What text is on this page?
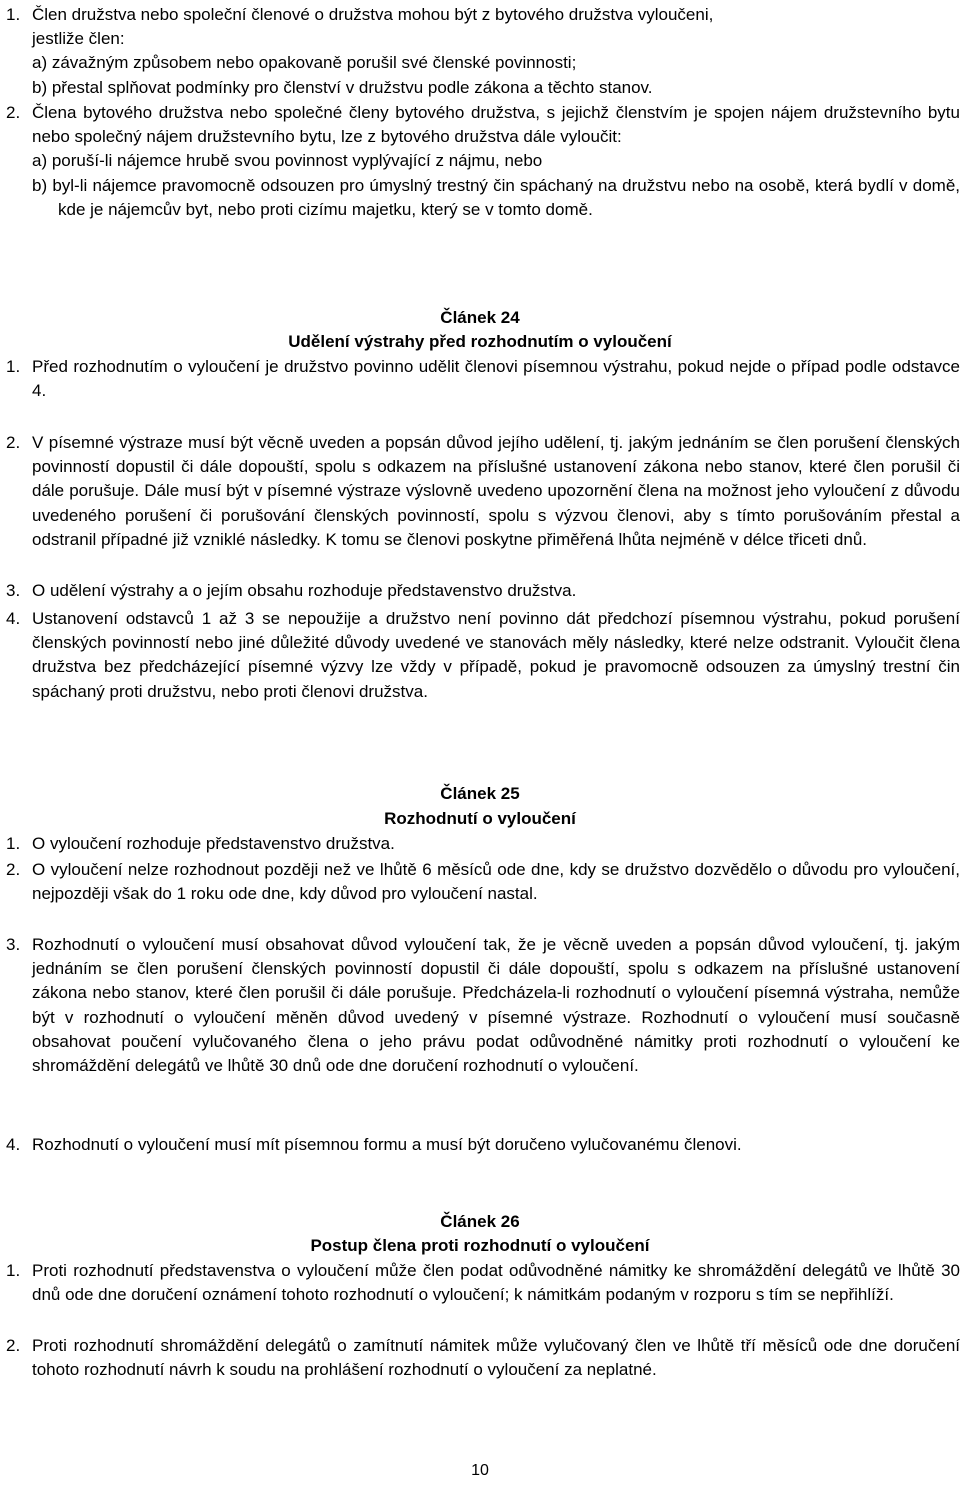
1. Člen družstva nebo společní členové o družstva mohou být z bytového družstva vyloučeni,
jestliže člen:
a) závažným způsobem nebo opakovaně porušil své členské povinnosti;
b) přestal splňovat podmínky pro členství v družstvu podle zákona a těchto stanov.
2. Člena bytového družstva nebo společné členy bytového družstva, s jejichž členstvím je spojen nájem družstevního bytu nebo společný nájem družstevního bytu, lze z bytového družstva dále vyloučit:
a) poruší-li nájemce hrubě svou povinnost vyplývající z nájmu, nebo
b) byl-li nájemce pravomocně odsouzen pro úmyslný trestný čin spáchaný na družstvu nebo na osobě, která bydlí v domě, kde je nájemcův byt, nebo proti cizímu majetku, který se v tomto domě.
Článek 24
Udělení výstrahy před rozhodnutím o vyloučení
1. Před rozhodnutím o vyloučení je družstvo povinno udělit členovi písemnou výstrahu, pokud nejde o případ podle odstavce 4.
2. V písemné výstraze musí být věcně uveden a popsán důvod jejího udělení, tj. jakým jednáním se člen porušení členských povinností dopustil či dále dopouští, spolu s odkazem na příslušné ustanovení zákona nebo stanov, které člen porušil či dále porušuje. Dále musí být v písemné výstraze výslovně uvedeno upozornění člena na možnost jeho vyloučení z důvodu uvedeného porušení či porušování členských povinností, spolu s výzvou členovi, aby s tímto porušováním přestal a odstranil případné již vzniklé následky. K tomu se členovi poskytne přiměřená lhůta nejméně v délce třiceti dnů.
3. O udělení výstrahy a o jejím obsahu rozhoduje představenstvo družstva.
4. Ustanovení odstavců 1 až 3 se nepoužije a družstvo není povinno dát předchozí písemnou výstrahu, pokud porušení členských povinností nebo jiné důležité důvody uvedené ve stanovách měly následky, které nelze odstranit. Vyloučit člena družstva bez předcházející písemné výzvy lze vždy v případě, pokud je pravomocně odsouzen za úmyslný trestní čin spáchaný proti družstvu, nebo proti členovi družstva.
Článek 25
Rozhodnutí o vyloučení
1. O vyloučení rozhoduje představenstvo družstva.
2. O vyloučení nelze rozhodnout později než ve lhůtě 6 měsíců ode dne, kdy se družstvo dozvědělo o důvodu pro vyloučení, nejpozději však do 1 roku ode dne, kdy důvod pro vyloučení nastal.
3. Rozhodnutí o vyloučení musí obsahovat důvod vyloučení tak, že je věcně uveden a popsán důvod vyloučení, tj. jakým jednáním se člen porušení členských povinností dopustil či dále dopouští, spolu s odkazem na příslušné ustanovení zákona nebo stanov, které člen porušil či dále porušuje. Předcházela-li rozhodnutí o vyloučení písemná výstraha, nemůže být v rozhodnutí o vyloučení měněn důvod uvedený v písemné výstraze. Rozhodnutí o vyloučení musí současně obsahovat poučení vylučovaného člena o jeho právu podat odůvodněné námitky proti rozhodnutí o vyloučení ke shromáždění delegátů ve lhůtě 30 dnů ode dne doručení rozhodnutí o vyloučení.
4. Rozhodnutí o vyloučení musí mít písemnou formu a musí být doručeno vylučovanému členovi.
Článek 26
Postup člena proti rozhodnutí o vyloučení
1. Proti rozhodnutí představenstva o vyloučení může člen podat odůvodněné námitky ke shromáždění delegátů ve lhůtě 30 dnů ode dne doručení oznámení tohoto rozhodnutí o vyloučení; k námitkám podaným v rozporu s tím se nepřihlíží.
2. Proti rozhodnutí shromáždění delegátů o zamítnutí námitek může vylučovaný člen ve lhůtě tří měsíců ode dne doručení tohoto rozhodnutí návrh k soudu na prohlášení rozhodnutí o vyloučení za neplatné.
10
